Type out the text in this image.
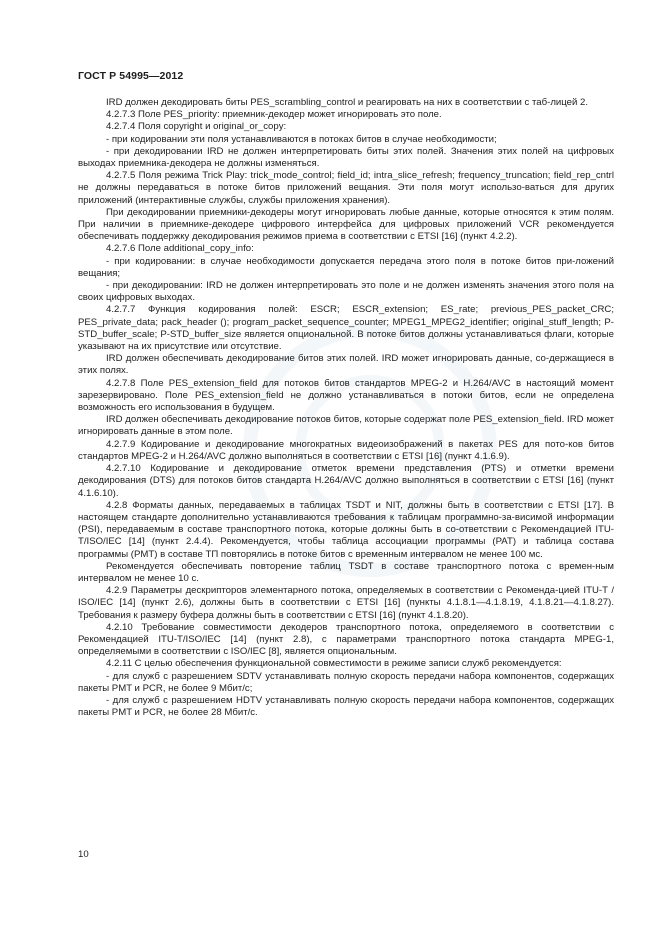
ГОСТ Р 54995—2012

IRD должен декодировать биты PES_scrambling_control и реагировать на них в соответствии с таб-лицей 2.

4.2.7.3 Поле PES_priority: приемник-декодер может игнорировать это поле.

4.2.7.4 Поля copyright и original_or_copy:

- при кодировании эти поля устанавливаются в потоках битов в случае необходимости;

- при декодировании IRD не должен интерпретировать биты этих полей. Значения этих полей на цифровых выходах приемника-декодера не должны изменяться.

4.2.7.5 Поля режима Trick Play: trick_mode_control; field_id; intra_slice_refresh; frequency_truncation; field_rep_cntrl не должны передаваться в потоке битов приложений вещания. Эти поля могут использо-ваться для других приложений (интерактивные службы, службы приложения хранения).

При декодировании приемники-декодеры могут игнорировать любые данные, которые относятся к этим полям. При наличии в приемнике-декодере цифрового интерфейса для цифровых приложений VCR рекомендуется обеспечивать поддержку декодирования режимов приема в соответствии с ETSI [16] (пункт 4.2.2).

4.2.7.6 Поле additional_copy_info:

- при кодировании: в случае необходимости допускается передача этого поля в потоке битов при-ложений вещания;

- при декодировании: IRD не должен интерпретировать это поле и не должен изменять значения этого поля на своих цифровых выходах.

4.2.7.7 Функция кодирования полей: ESCR; ESCR_extension; ES_rate; previous_PES_packet_CRC; PES_private_data; pack_header (); program_packet_sequence_counter; MPEG1_MPEG2_identifier; original_stuff_length; P-STD_buffer_scale; P-STD_buffer_size является опциональной. В потоке битов должны устанавливаться флаги, которые указывают на их присутствие или отсутствие.

IRD должен обеспечивать декодирование битов этих полей. IRD может игнорировать данные, со-держащиеся в этих полях.

4.2.7.8 Поле PES_extension_field для потоков битов стандартов MPEG-2 и H.264/AVC в настоящий момент зарезервировано. Поле PES_extension_field не должно устанавливаться в потоки битов, если не определена возможность его использования в будущем.

IRD должен обеспечивать декодирование потоков битов, которые содержат поле PES_extension_field. IRD может игнорировать данные в этом поле.

4.2.7.9 Кодирование и декодирование многократных видеоизображений в пакетах PES для пото-ков битов стандартов MPEG-2 и H.264/AVC должно выполняться в соответствии с ETSI [16] (пункт 4.1.6.9).

4.2.7.10 Кодирование и декодирование отметок времени представления (PTS) и отметки времени декодирования (DTS) для потоков битов стандарта H.264/AVC должно выполняться в соответствии с ETSI [16] (пункт 4.1.6.10).

4.2.8 Форматы данных, передаваемых в таблицах TSDT и NIT, должны быть в соответствии с ETSI [17]. В настоящем стандарте дополнительно устанавливаются требования к таблицам программно-за-висимой информации (PSI), передаваемым в составе транспортного потока, которые должны быть в со-ответствии с Рекомендацией ITU-T/ISO/IEC [14] (пункт 2.4.4). Рекомендуется, чтобы таблица ассоциации программы (PAT) и таблица состава программы (PMT) в составе ТП повторялись в потоке битов с временным интервалом не менее 100 мс.

Рекомендуется обеспечивать повторение таблиц TSDT в составе транспортного потока с времен-ным интервалом не менее 10 с.

4.2.9 Параметры дескрипторов элементарного потока, определяемых в соответствии с Рекоменда-цией ITU-T / ISO/IEC [14] (пункт 2.6), должны быть в соответствии с ETSI [16] (пункты 4.1.8.1—4.1.8.19, 4.1.8.21—4.1.8.27). Требования к размеру буфера должны быть в соответствии с ETSI [16] (пункт 4.1.8.20).

4.2.10 Требование совместимости декодеров транспортного потока, определяемого в соответствии с Рекомендацией ITU-T/ISO/IEC [14] (пункт 2.8), с параметрами транспортного потока стандарта MPEG-1, определяемыми в соответствии с ISO/IEC [8], является опциональным.

4.2.11 С целью обеспечения функциональной совместимости в режиме записи служб рекомендуется:

- для служб с разрешением SDTV устанавливать полную скорость передачи набора компонентов, содержащих пакеты PMT и PCR, не более 9 Мбит/с;

- для служб с разрешением HDTV устанавливать полную скорость передачи набора компонентов, содержащих пакеты PMT и PCR, не более 28 Мбит/с.

10
